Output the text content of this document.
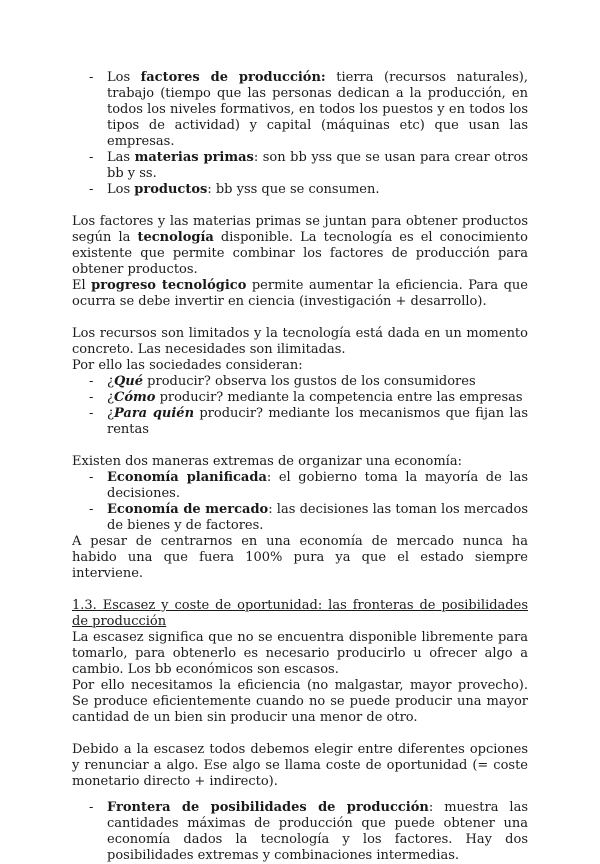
- Los factores de producción: tierra (recursos naturales), trabajo (tiempo que las personas dedican a la producción, en todos los niveles formativos, en todos los puestos y en todos los tipos de actividad) y capital (máquinas etc) que usan las empresas.
- Las materias primas: son bb yss que se usan para crear otros bb y ss.
- Los productos: bb yss que se consumen.

Los factores y las materias primas se juntan para obtener productos según la tecnología disponible. La tecnología es el conocimiento existente que permite combinar los factores de producción para obtener productos.

El progreso tecnológico permite aumentar la eficiencia. Para que ocurra se debe invertir en ciencia (investigación + desarrollo).

Los recursos son limitados y la tecnología está dada en un momento concreto. Las necesidades son ilimitadas.

Por ello las sociedades consideran:

- ¿Qué producir? observa los gustos de los consumidores
- ¿Cómo producir? mediante la competencia entre las empresas
- ¿Para quién producir? mediante los mecanismos que fijan las rentas

Existen dos maneras extremas de organizar una economía:

- Economía planificada: el gobierno toma la mayoría de las decisiones.
- Economía de mercado: las decisiones las toman los mercados de bienes y de factores.

A pesar de centrarnos en una economía de mercado nunca ha habido una que fuera 100% pura ya que el estado siempre interviene.

1.3. Escasez y coste de oportunidad: las fronteras de posibilidades de producción

La escasez significa que no se encuentra disponible libremente para tomarlo, para obtenerlo es necesario producirlo u ofrecer algo a cambio. Los bb económicos son escasos.

Por ello necesitamos la eficiencia (no malgastar, mayor provecho). Se produce eficientemente cuando no se puede producir una mayor cantidad de un bien sin producir una menor de otro.

Debido a la escasez todos debemos elegir entre diferentes opciones y renunciar a algo. Ese algo se llama coste de oportunidad (= coste monetario directo + indirecto).

- Frontera de posibilidades de producción: muestra las cantidades máximas de producción que puede obtener una economía dados la tecnología y los factores. Hay dos posibilidades extremas y combinaciones intermedias.
